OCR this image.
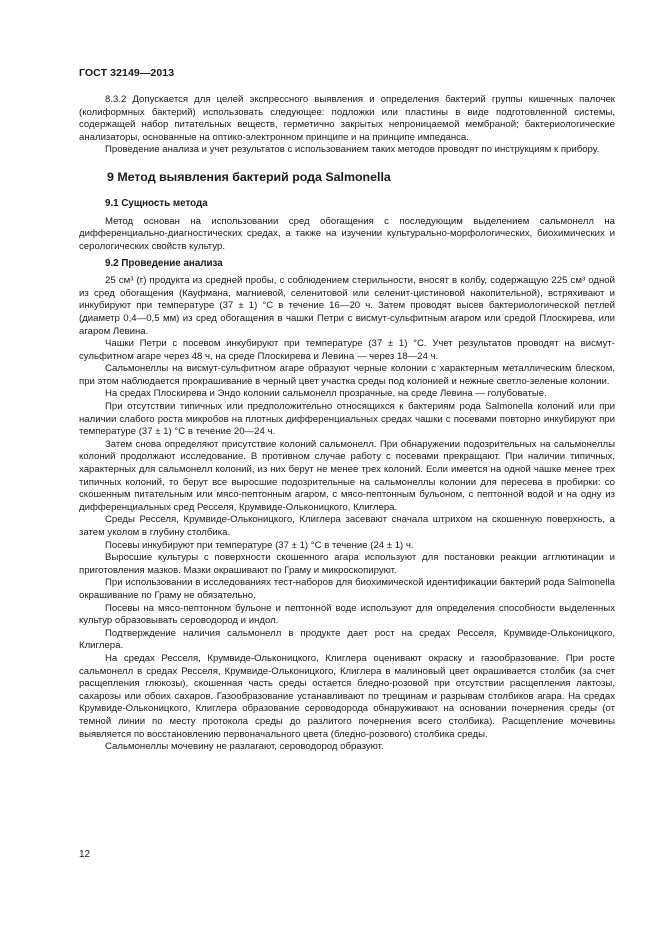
ГОСТ 32149—2013

8.3.2 Допускается для целей экспрессного выявления и определения бактерий группы кишечных палочек (колиформных бактерий) использовать следующее: подложки или пластины в виде подготовленной системы, содержащей набор питательных веществ, герметично закрытых непроницаемой мембраной; бактериологические анализаторы, основанные на оптико-электронном принципе и на принципе импеданса.

Проведение анализа и учет результатов с использованием таких методов проводят по инструкциям к прибору.

9 Метод выявления бактерий рода Salmonella
9.1 Сущность метода

Метод основан на использовании сред обогащения с последующим выделением сальмонелл на дифференциально-диагностических средах, а также на изучении культурально-морфологических, биохимических и серологических свойств культур.

9.2 Проведение анализа

25 см³ (г) продукта из средней пробы, с соблюдением стерильности, вносят в колбу, содержащую 225 см³ одной из сред обогащения (Кауфмана, магниевой, селенитовой или селенит-цистиновой накопительной), встряхивают и инкубируют при температуре (37 ± 1) °С в течение 16—20 ч. Затем проводят высев бактериологической петлей (диаметр 0,4—0,5 мм) из сред обогащения в чашки Петри с висмут-сульфитным агаром или средой Плоскирева, или агаром Левина.

Чашки Петри с посевом инкубируют при температуре (37 ± 1) °С. Учет результатов проводят на висмут-сульфитном агаре через 48 ч, на среде Плоскирева и Левина — через 18—24 ч.

Сальмонеллы на висмут-сульфитном агаре образуют черные колонии с характерным металлическим блеском, при этом наблюдается прокрашивание в черный цвет участка среды под колонией и нежные светло-зеленые колонии.

На средах Плоскирева и Эндо колонии сальмонелл прозрачные, на среде Левина — голубоватые.

При отсутствии типичных или предположительно относящихся к бактериям рода Salmonella колоний или при наличии слабого роста микробов на плотных дифференциальных средах чашки с посевами повторно инкубируют при температуре (37 ± 1) °С в течение 20—24 ч.

Затем снова определяют присутствие колоний сальмонелл. При обнаружении подозрительных на сальмонеллы колоний продолжают исследование. В противном случае работу с посевами прекращают. При наличии типичных, характерных для сальмонелл колоний, из них берут не менее трех колоний. Если имеется на одной чашке менее трех типичных колоний, то берут все выросшие подозрительные на сальмонеллы колонии для пересева в пробирки: со скошенным питательным или мясо-пептонным агаром, с мясо-пептонным бульоном, с пептонной водой и на одну из дифференциальных сред Ресселя, Крумвиде-Ольконицкого, Клиглера.

Среды Ресселя, Крумвиде-Ольконицкого, Клиглера засевают сначала штрихом на скошенную поверхность, а затем уколом в глубину столбика.

Посевы инкубируют при температуре (37 ± 1) °С в течение (24 ± 1) ч.

Выросшие культуры с поверхности скошенного агара используют для постановки реакции агглютинации и приготовления мазков. Мазки окрашивают по Граму и микроскопируют.

При использовании в исследованиях тест-наборов для биохимической идентификации бактерий рода Salmonella окрашивание по Граму не обязательно.

Посевы на мясо-пептонном бульоне и пептонной воде используют для определения способности выделенных культур образовывать сероводород и индол.

Подтверждение наличия сальмонелл в продукте дает рост на средах Ресселя, Крумвиде-Ольконицкого, Клиглера.

На средах Ресселя, Крумвиде-Ольконицкого, Клиглера оценивают окраску и газообразование. При росте сальмонелл в средах Ресселя, Крумвиде-Ольконицкого, Клиглера в малиновый цвет окрашивается столбик (за счет расщепления глюкозы), скошенная часть среды остается бледно-розовой при отсутствии расщепления лактозы, сахарозы или обоих сахаров. Газообразование устанавливают по трещинам и разрывам столбиков агара. На средах Крумвиде-Ольконицкого, Клиглера образование сероводорода обнаруживают на основании почернения среды (от темной линии по месту протокола среды до разлитого почернения всего столбика). Расщепление мочевины выявляется по восстановлению первоначального цвета (бледно-розового) столбика среды.

Сальмонеллы мочевину не разлагают, сероводород образуют.

12
